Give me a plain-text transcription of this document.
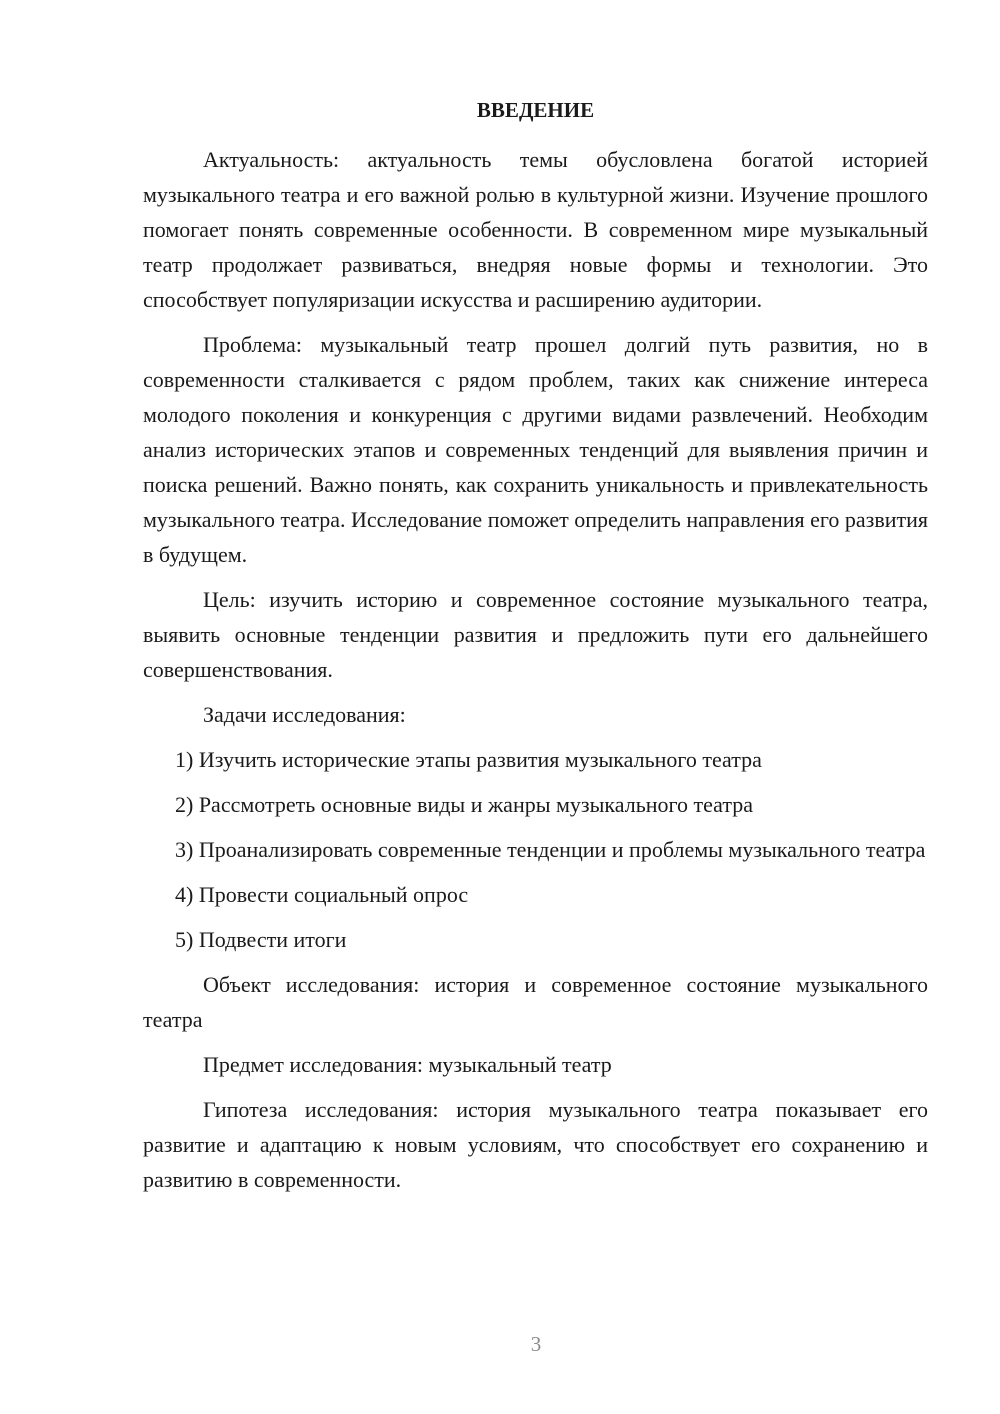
ВВЕДЕНИЕ

Актуальность: актуальность темы обусловлена богатой историей музыкального театра и его важной ролью в культурной жизни. Изучение прошлого помогает понять современные особенности. В современном мире музыкальный театр продолжает развиваться, внедряя новые формы и технологии. Это способствует популяризации искусства и расширению аудитории.

Проблема: музыкальный театр прошел долгий путь развития, но в современности сталкивается с рядом проблем, таких как снижение интереса молодого поколения и конкуренция с другими видами развлечений. Необходим анализ исторических этапов и современных тенденций для выявления причин и поиска решений. Важно понять, как сохранить уникальность и привлекательность музыкального театра. Исследование поможет определить направления его развития в будущем.

Цель: изучить историю и современное состояние музыкального театра, выявить основные тенденции развития и предложить пути его дальнейшего совершенствования.

Задачи исследования:

1) Изучить исторические этапы развития музыкального театра

2) Рассмотреть основные виды и жанры музыкального театра

3) Проанализировать современные тенденции и проблемы музыкального театра

4) Провести социальный опрос

5) Подвести итоги

Объект исследования: история и современное состояние музыкального театра

Предмет исследования: музыкальный театр

Гипотеза исследования: история музыкального театра показывает его развитие и адаптацию к новым условиям, что способствует его сохранению и развитию в современности.

3
